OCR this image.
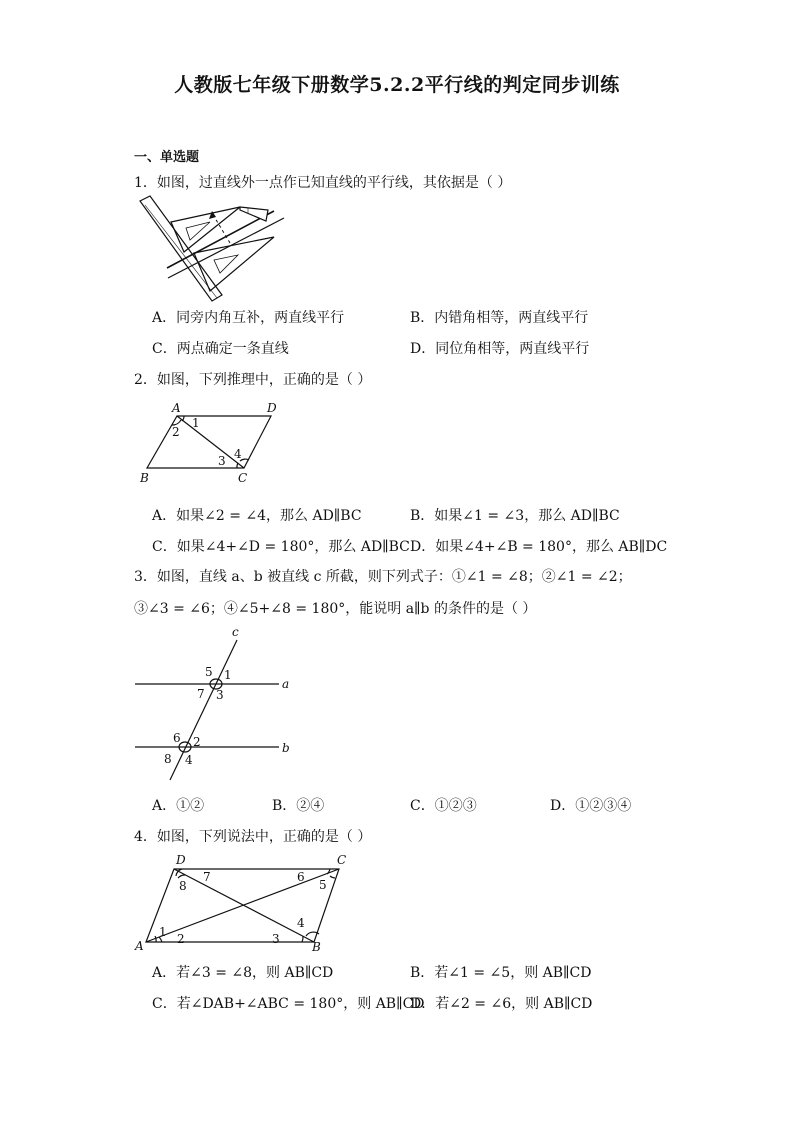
人教版七年级下册数学5.2.2平行线的判定同步训练
一、单选题
1．如图，过直线外一点作已知直线的平行线，其依据是（ ）
A．同旁内角互补，两直线平行	B．内错角相等，两直线平行
C．两点确定一条直线	D．同位角相等，两直线平行
2．如图，下列推理中，正确的是（ ）
A	D
B	C
1
2
3 4
A．如果∠2 = ∠4，那么 AD∥BC	B．如果∠1 = ∠3，那么 AD∥BC
C．如果∠4+∠D = 180°，那么 AD∥BC D．如果∠4+∠B = 180°，那么 AB∥DC
3．如图，直线 a、b 被直线 c 所截，则下列式子：①∠1 = ∠8；②∠1 = ∠2；
③∠3 = ∠6；④∠5+∠8 = 180°，能说明 a∥b 的条件的是（ ）
c
a
b
5 1
7 3
6 2
8 4
A．①②	B．②④	C．①②③	D．①②③④
4．如图，下列说法中，正确的是（ ）
D	C
A	B
7
8
6
5
1 2	3
4
A．若∠3 = ∠8，则 AB∥CD	B．若∠1 = ∠5，则 AB∥CD
C．若∠DAB+∠ABC = 180°，则 AB∥CD
D．若∠2 = ∠6，则 AB∥CD
